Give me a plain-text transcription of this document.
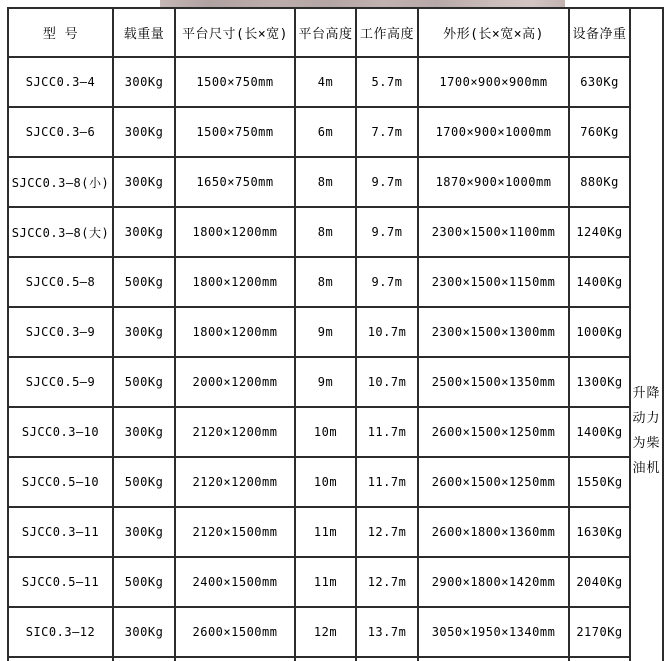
型 号	载重量	平台尺寸(长×宽)	平台高度	工作高度	外形(长×宽×高)	设备净重	升降
动力
为柴
油机

SJCC0.3—4	300Kg	1500×750mm	4m	5.7m	1700×900×900mm	630Kg	
SJCC0.3—6	300Kg	1500×750mm	6m	7.7m	1700×900×1000mm	760Kg	
SJCC0.3—8(小)	300Kg	1650×750mm	8m	9.7m	1870×900×1000mm	880Kg	
SJCC0.3—8(大)	300Kg	1800×1200mm	8m	9.7m	2300×1500×1100mm	1240Kg	
SJCC0.5—8	500Kg	1800×1200mm	8m	9.7m	2300×1500×1150mm	1400Kg	
SJCC0.3—9	300Kg	1800×1200mm	9m	10.7m	2300×1500×1300mm	1000Kg	
SJCC0.5—9	500Kg	2000×1200mm	9m	10.7m	2500×1500×1350mm	1300Kg	
SJCC0.3—10	300Kg	2120×1200mm	10m	11.7m	2600×1500×1250mm	1400Kg	
SJCC0.5—10	500Kg	2120×1200mm	10m	11.7m	2600×1500×1250mm	1550Kg	
SJCC0.3—11	300Kg	2120×1500mm	11m	12.7m	2600×1800×1360mm	1630Kg	
SJCC0.5—11	500Kg	2400×1500mm	11m	12.7m	2900×1800×1420mm	2040Kg	
SIC0.3—12	300Kg	2600×1500mm	12m	13.7m	3050×1950×1340mm	2170Kg	
